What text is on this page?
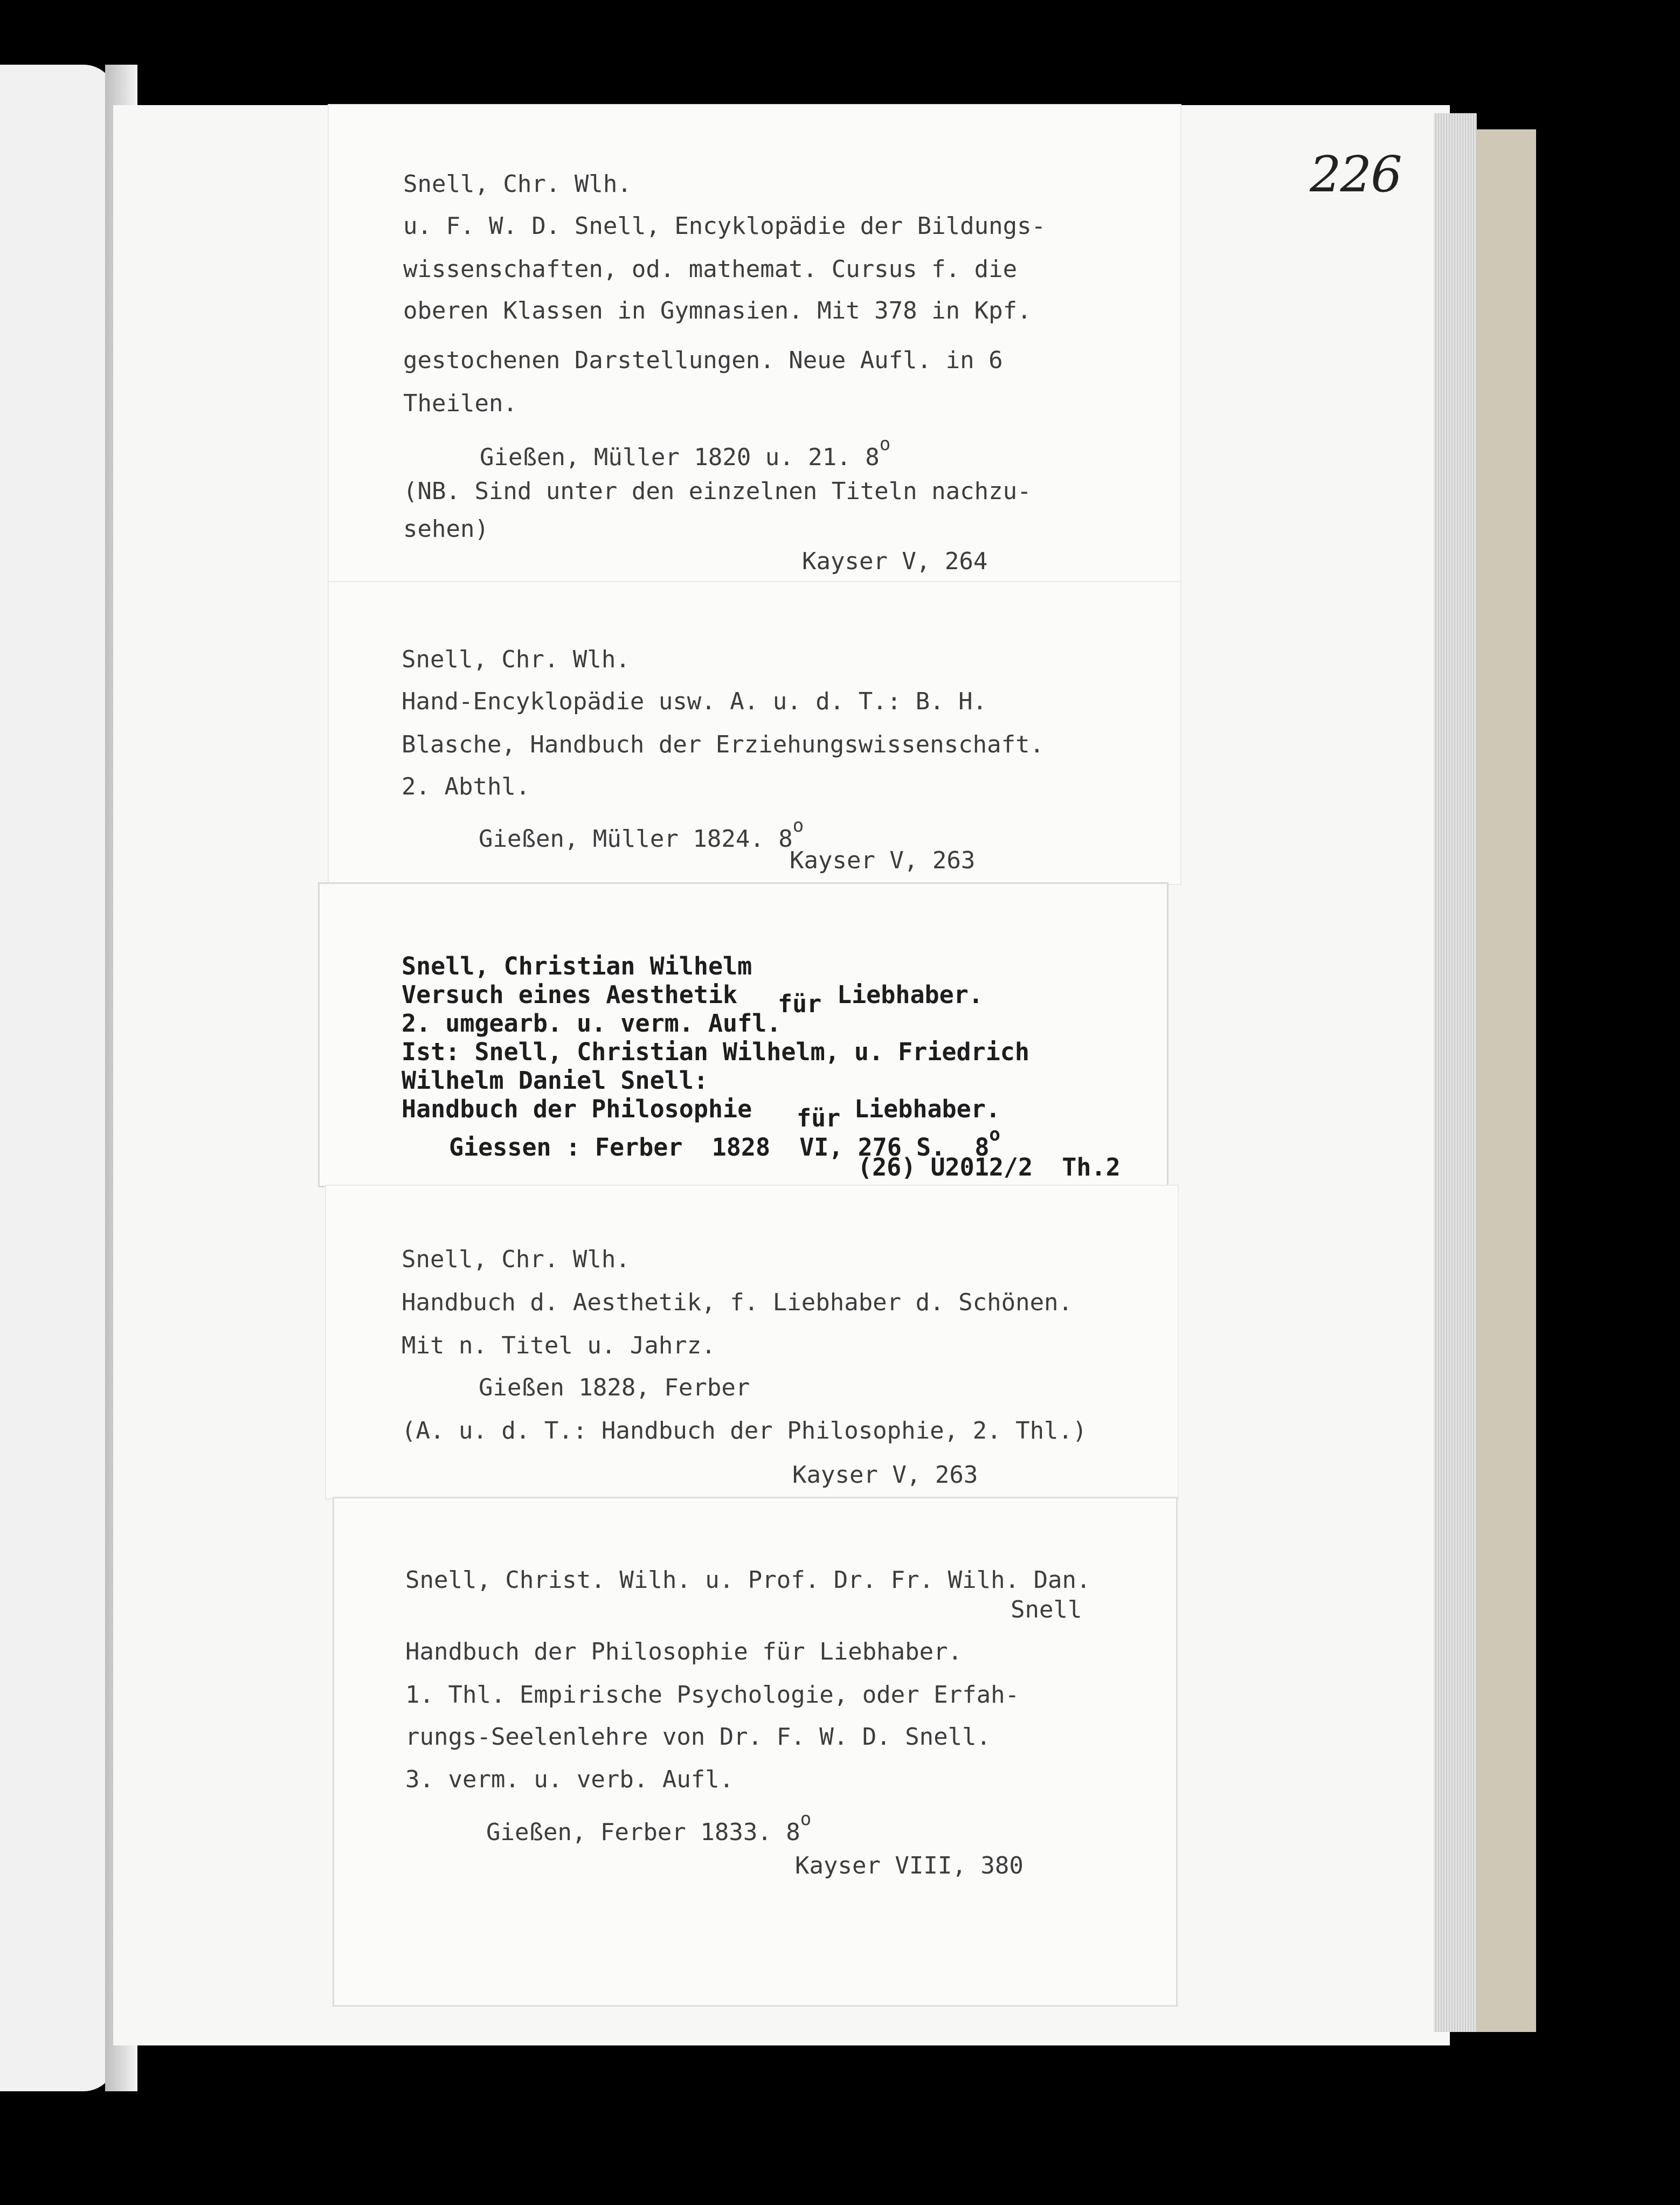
226
Snell, Chr. Wlh.
u. F. W. D. Snell, Encyklopädie der Bildungs-
wissenschaften, od. mathemat. Cursus f. die
oberen Klassen in Gymnasien. Mit 378 in Kpf.
gestochenen Darstellungen. Neue Aufl. in 6
Theilen.
Gießen, Müller 1820 u. 21. 8$^o$
(NB. Sind unter den einzelnen Titeln nachzu-
sehen)
Kayser V, 264
Snell, Chr. Wlh.
Hand-Encyklopädie usw. A. u. d. T.: B. H.
Blasche, Handbuch der Erziehungswissenschaft.
2. Abthl.
Gießen, Müller 1824. 8$^o$
Kayser V, 263
Snell, Christian Wilhelm
Versuch eines Aesthetik für Liebhaber.
2. umgearb. u. verm. Aufl.
Ist: Snell, Christian Wilhelm, u. Friedrich
Wilhelm Daniel Snell:
Handbuch der Philosophie für Liebhaber.
Giessen : Ferber  1828  VI, 276 S.  8$^o$
(26) U2012/2  Th.2
Snell, Chr. Wlh.
Handbuch d. Aesthetik, f. Liebhaber d. Schönen.
Mit n. Titel u. Jahrz.
Gießen 1828, Ferber
(A. u. d. T.: Handbuch der Philosophie, 2. Thl.)
Kayser V, 263
Snell, Christ. Wilh. u. Prof. Dr. Fr. Wilh. Dan.
Snell
Handbuch der Philosophie für Liebhaber.
1. Thl. Empirische Psychologie, oder Erfah-
rungs-Seelenlehre von Dr. F. W. D. Snell.
3. verm. u. verb. Aufl.
Gießen, Ferber 1833. 8$^o$
Kayser VIII, 380
